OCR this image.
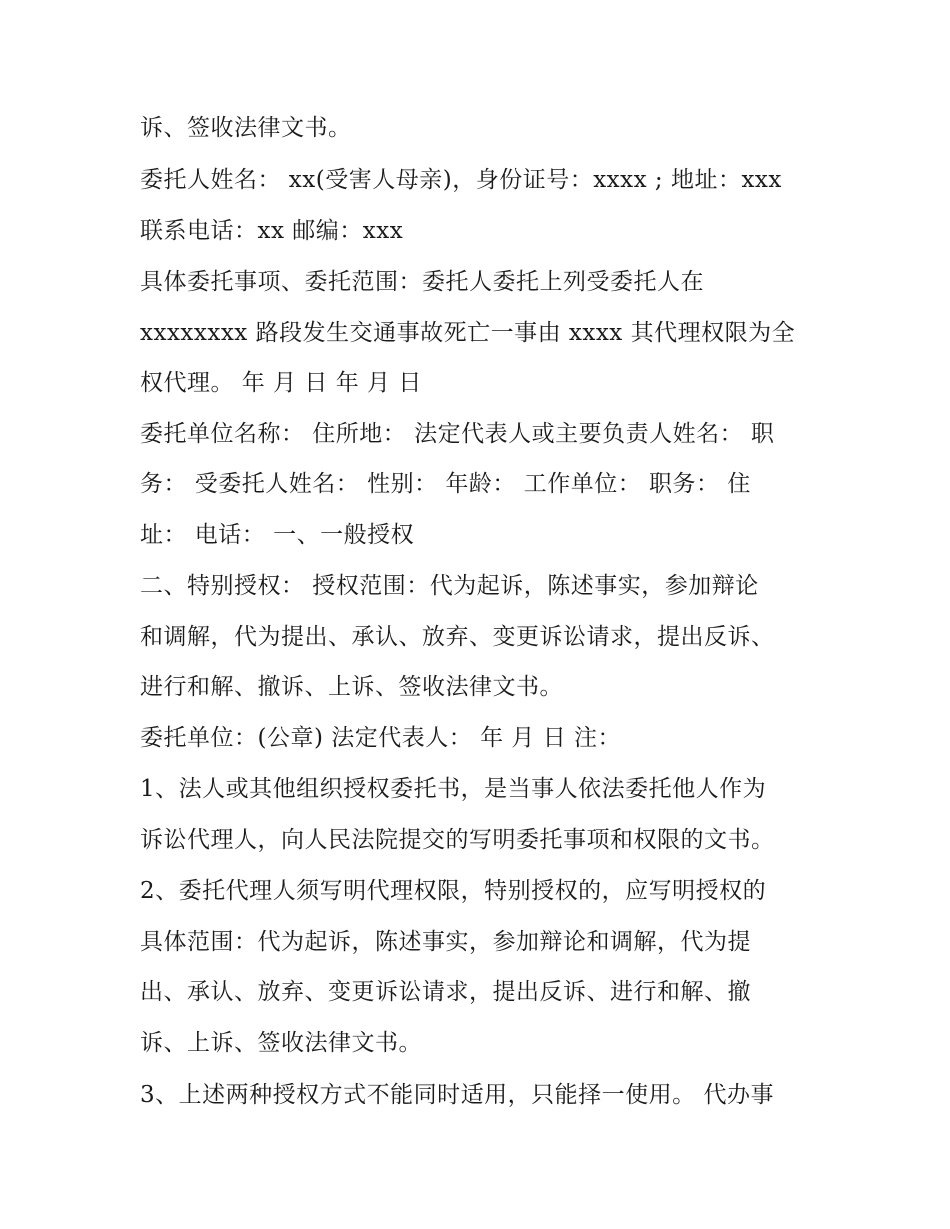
诉、签收法律文书。
委托人姓名： xx(受害人母亲)，身份证号：xxxx ; 地址：xxx
联系电话：xx 邮编：xxx
具体委托事项、委托范围：委托人委托上列受委托人在
xxxxxxxx 路段发生交通事故死亡一事由 xxxx 其代理权限为全
权代理。 年 月 日 年 月 日
委托单位名称： 住所地： 法定代表人或主要负责人姓名： 职
务： 受委托人姓名： 性别： 年龄： 工作单位： 职务： 住
址： 电话： 一、一般授权
二、特别授权： 授权范围：代为起诉，陈述事实，参加辩论
和调解，代为提出、承认、放弃、变更诉讼请求，提出反诉、
进行和解、撤诉、上诉、签收法律文书。
委托单位：(公章) 法定代表人： 年 月 日 注：
1、法人或其他组织授权委托书，是当事人依法委托他人作为
诉讼代理人，向人民法院提交的写明委托事项和权限的文书。
2、委托代理人须写明代理权限，特别授权的，应写明授权的
具体范围：代为起诉，陈述事实，参加辩论和调解，代为提
出、承认、放弃、变更诉讼请求，提出反诉、进行和解、撤
诉、上诉、签收法律文书。
3、上述两种授权方式不能同时适用，只能择一使用。 代办事
